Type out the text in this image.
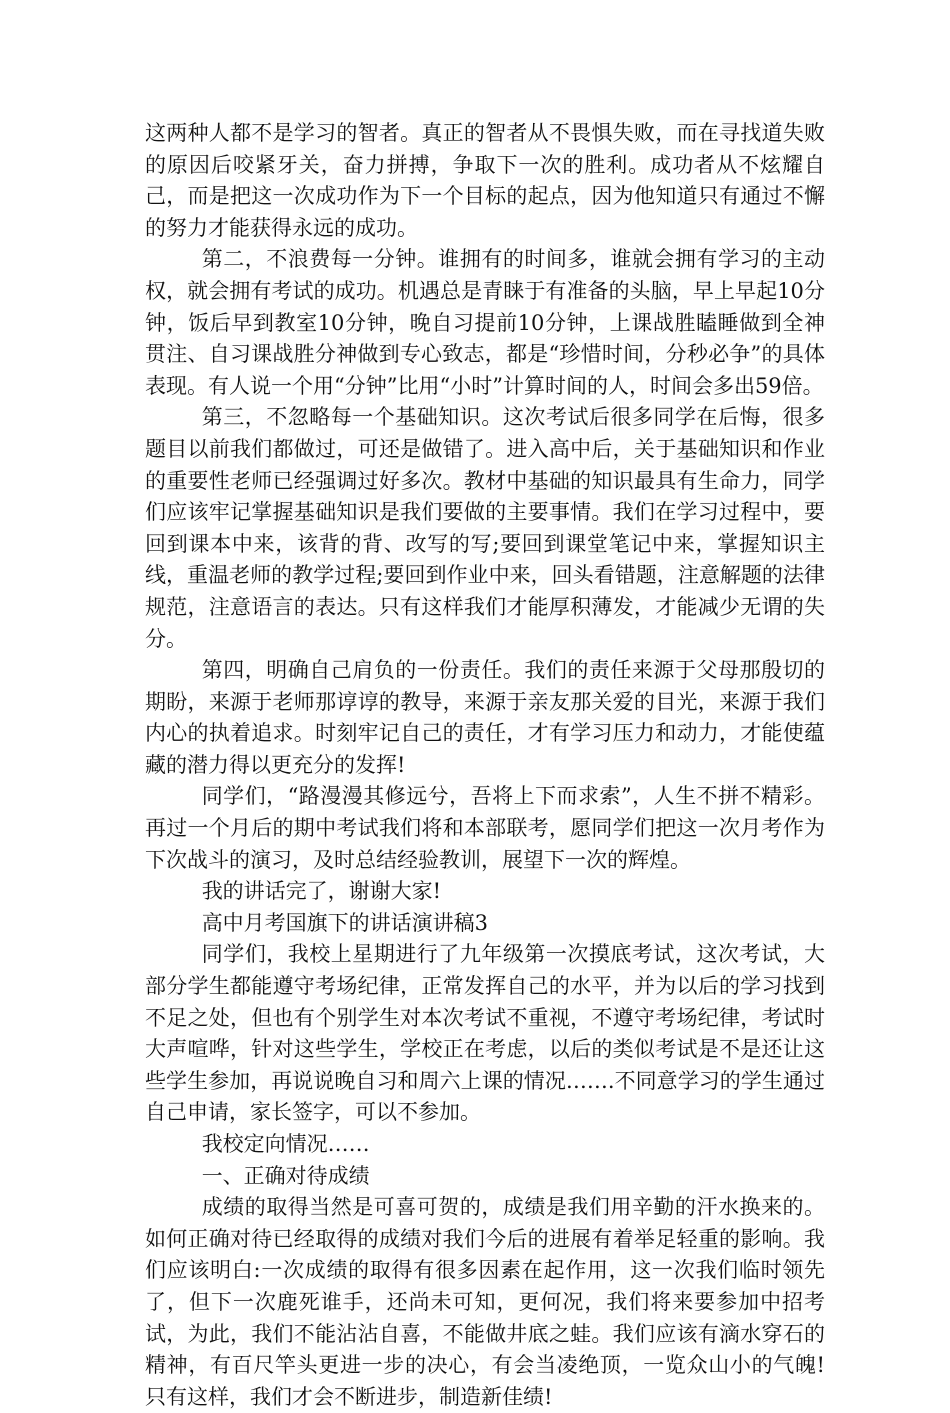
这两种人都不是学习的智者。真正的智者从不畏惧失败，而在寻找道失败的原因后咬紧牙关，奋力拼搏，争取下一次的胜利。成功者从不炫耀自己，而是把这一次成功作为下一个目标的起点，因为他知道只有通过不懈的努力才能获得永远的成功。

第二，不浪费每一分钟。谁拥有的时间多，谁就会拥有学习的主动权，就会拥有考试的成功。机遇总是青睐于有准备的头脑，早上早起10分钟，饭后早到教室10分钟，晚自习提前10分钟，上课战胜瞌睡做到全神贯注、自习课战胜分神做到专心致志，都是“珍惜时间，分秒必争”的具体表现。有人说一个用“分钟”比用“小时”计算时间的人，时间会多出59倍。

第三，不忽略每一个基础知识。这次考试后很多同学在后悔，很多题目以前我们都做过，可还是做错了。进入高中后，关于基础知识和作业的重要性老师已经强调过好多次。教材中基础的知识最具有生命力，同学们应该牢记掌握基础知识是我们要做的主要事情。我们在学习过程中，要回到课本中来，该背的背、改写的写;要回到课堂笔记中来，掌握知识主线，重温老师的教学过程;要回到作业中来，回头看错题，注意解题的法律规范，注意语言的表达。只有这样我们才能厚积薄发，才能减少无谓的失分。

第四，明确自己肩负的一份责任。我们的责任来源于父母那殷切的期盼，来源于老师那谆谆的教导，来源于亲友那关爱的目光，来源于我们内心的执着追求。时刻牢记自己的责任，才有学习压力和动力，才能使蕴藏的潜力得以更充分的发挥!

同学们，“路漫漫其修远兮，吾将上下而求索”，人生不拼不精彩。再过一个月后的期中考试我们将和本部联考，愿同学们把这一次月考作为下次战斗的演习，及时总结经验教训，展望下一次的辉煌。

我的讲话完了，谢谢大家!

高中月考国旗下的讲话演讲稿3

同学们，我校上星期进行了九年级第一次摸底考试，这次考试，大部分学生都能遵守考场纪律，正常发挥自己的水平，并为以后的学习找到不足之处，但也有个别学生对本次考试不重视，不遵守考场纪律，考试时大声喧哗，针对这些学生，学校正在考虑，以后的类似考试是不是还让这些学生参加，再说说晚自习和周六上课的情况…….不同意学习的学生通过自己申请，家长签字，可以不参加。

我校定向情况……

一、正确对待成绩

成绩的取得当然是可喜可贺的，成绩是我们用辛勤的汗水换来的。如何正确对待已经取得的成绩对我们今后的进展有着举足轻重的影响。我们应该明白:一次成绩的取得有很多因素在起作用，这一次我们临时领先了，但下一次鹿死谁手，还尚未可知，更何况，我们将来要参加中招考试，为此，我们不能沾沾自喜，不能做井底之蛙。我们应该有滴水穿石的精神，有百尺竿头更进一步的决心，有会当凌绝顶，一览众山小的气魄!只有这样，我们才会不断进步，制造新佳绩!
